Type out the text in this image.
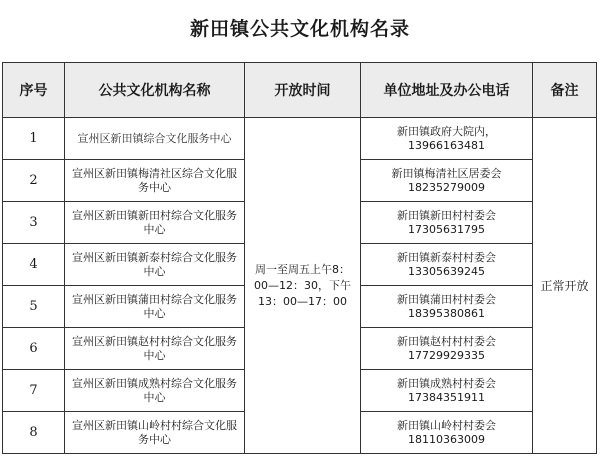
新田镇公共文化机构名录
序号	公共文化机构名称	开放时间	单位地址及办公电话	备注
1	宣州区新田镇综合文化服务中心	周一至周五上午8：00—12：30，下午13：00—17：00	新田镇政府大院内，
13966163481	正常开放
2	宣州区新田镇梅清社区综合文化服务中心		新田镇梅清社区居委会
18235279009	

3	宣州区新田镇新田村综合文化服务中心		新田镇新田村村委会
17305631795	

4	宣州区新田镇新泰村综合文化服务中心		新田镇新泰村村委会
13305639245	

5	宣州区新田镇蒲田村综合文化服务中心		新田镇蒲田村村委会
18395380861	

6	宣州区新田镇赵村村综合文化服务中心		新田镇赵村村村委会
17729929335	

7	宣州区新田镇成熟村综合文化服务中心		新田镇成熟村村委会
17384351911	

8	宣州区新田镇山岭村村综合文化服务中心		新田镇山岭村村委会
18110363009	
